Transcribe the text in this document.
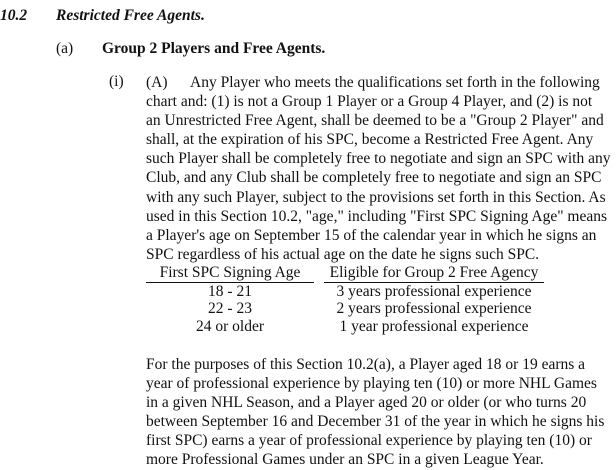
10.2 Restricted Free Agents.
(a) Group 2 Players and Free Agents.
(i) (A) Any Player who meets the qualifications set forth in the following
chart and: (1) is not a Group 1 Player or a Group 4 Player, and (2) is not
an Unrestricted Free Agent, shall be deemed to be a "Group 2 Player" and
shall, at the expiration of his SPC, become a Restricted Free Agent. Any
such Player shall be completely free to negotiate and sign an SPC with any
Club, and any Club shall be completely free to negotiate and sign an SPC
with any such Player, subject to the provisions set forth in this Section. As
used in this Section 10.2, "age," including "First SPC Signing Age" means
a Player's age on September 15 of the calendar year in which he signs an
SPC regardless of his actual age on the date he signs such SPC.
First SPC Signing Age	Eligible for Group 2 Free Agency
18 - 21	3 years professional experience
22 - 23	2 years professional experience
24 or older	1 year professional experience
For the purposes of this Section 10.2(a), a Player aged 18 or 19 earns a
year of professional experience by playing ten (10) or more NHL Games
in a given NHL Season, and a Player aged 20 or older (or who turns 20
between September 16 and December 31 of the year in which he signs his
first SPC) earns a year of professional experience by playing ten (10) or
more Professional Games under an SPC in a given League Year.
